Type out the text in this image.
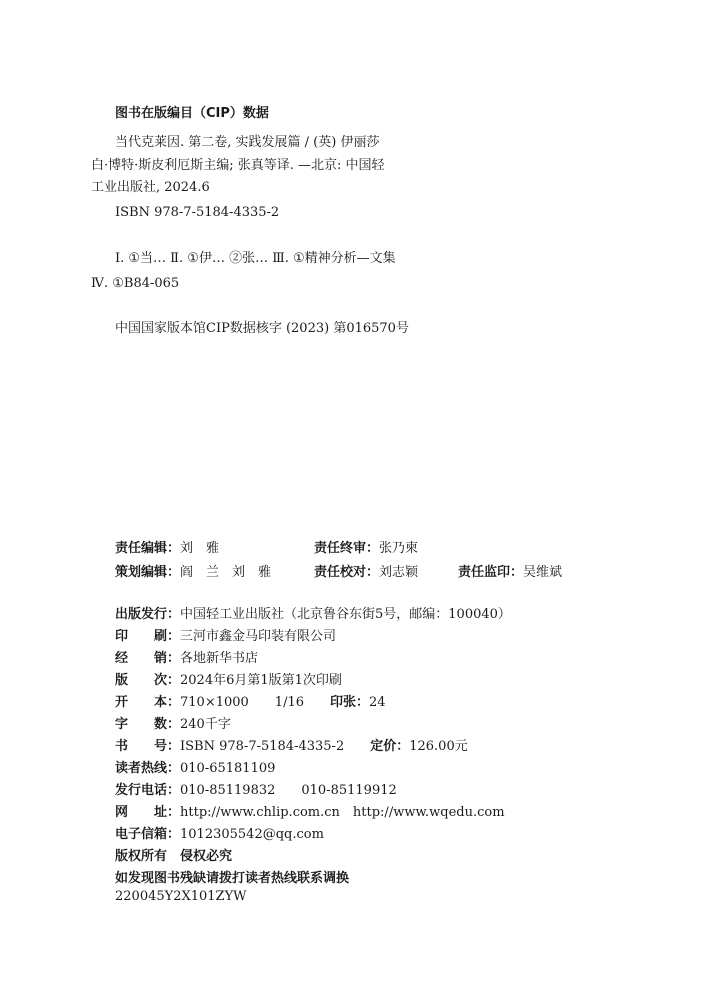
图书在版编目（CIP）数据
当代克莱因. 第二卷, 实践发展篇 / (英) 伊丽莎白·博特·斯皮利厄斯主编; 张真等译. —北京: 中国轻工业出版社, 2024.6
ISBN 978-7-5184-4335-2
Ⅰ. ①当… Ⅱ. ①伊… ②张… Ⅲ. ①精神分析—文集 Ⅳ. ①B84-065
中国国家版本馆CIP数据核字 (2023) 第016570号
责任编辑：刘　雅	责任终审：张乃柬
策划编辑：阎　兰　刘　雅	责任校对：刘志颖	责任监印：吴维斌
出版发行：中国轻工业出版社（北京鲁谷东街5号，邮编：100040）
印　　刷：三河市鑫金马印装有限公司
经　　销：各地新华书店
版　　次：2024年6月第1版第1次印刷
开　　本：710×1000　　1/16　　印张：24
字　　数：240千字
书　　号：ISBN 978-7-5184-4335-2　　定价：126.00元
读者热线：010-65181109
发行电话：010-85119832　　010-85119912
网　　址：http://www.chlip.com.cn　http://www.wqedu.com
电子信箱：1012305542@qq.com
版权所有　侵权必究
如发现图书残缺请拨打读者热线联系调换
220045Y2X101ZYW
